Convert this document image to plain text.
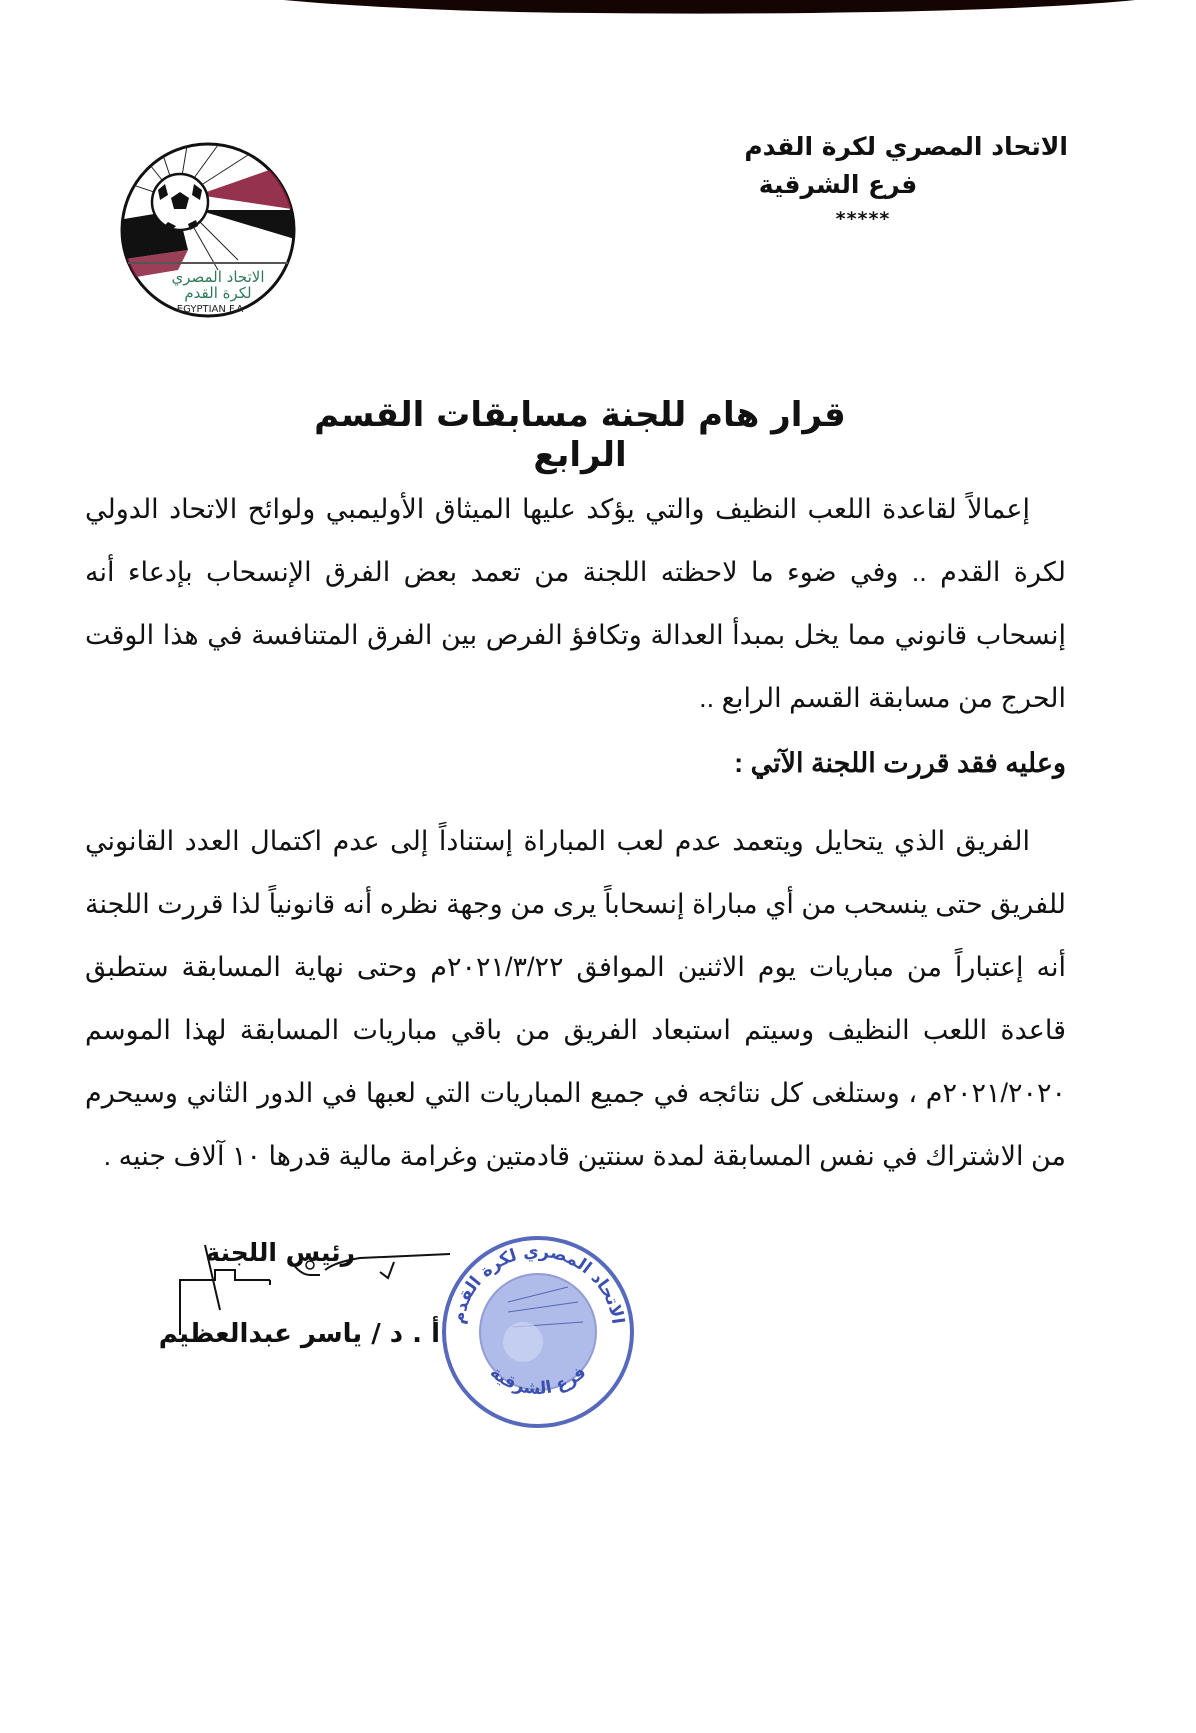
الاتحاد المصري لكرة القدم
فرع الشرقية
*****
الاتحاد المصري
لكرة القدم
EGYPTIAN F.A
قرار هام للجنة مسابقات القسم الرابع

إعمالاً لقاعدة اللعب النظيف والتي يؤكد عليها الميثاق الأوليمبي ولوائح الاتحاد الدولي لكرة القدم .. وفي ضوء ما لاحظته اللجنة من تعمد بعض الفرق الإنسحاب بإدعاء أنه إنسحاب قانوني مما يخل بمبدأ العدالة وتكافؤ الفرص بين الفرق المتنافسة في هذا الوقت الحرج من مسابقة القسم الرابع ..

وعليه فقد قررت اللجنة الآتي :

الفريق الذي يتحايل ويتعمد عدم لعب المباراة إستناداً إلى عدم اكتمال العدد القانوني للفريق حتى ينسحب من أي مباراة إنسحاباً يرى من وجهة نظره أنه قانونياً لذا قررت اللجنة أنه إعتباراً من مباريات يوم الاثنين الموافق ٢٠٢١/٣/٢٢م وحتى نهاية المسابقة ستطبق قاعدة اللعب النظيف وسيتم استبعاد الفريق من باقي مباريات المسابقة لهذا الموسم ٢٠٢١/٢٠٢٠م ، وستلغى كل نتائجه في جميع المباريات التي لعبها في الدور الثاني وسيحرم من الاشتراك في نفس المسابقة لمدة سنتين قادمتين وغرامة مالية قدرها ١٠ آلاف جنيه .

رئيس اللجنة
أ . د / ياسر عبدالعظيم
الاتحاد المصري لكرة القدم
فرع الشرقية
